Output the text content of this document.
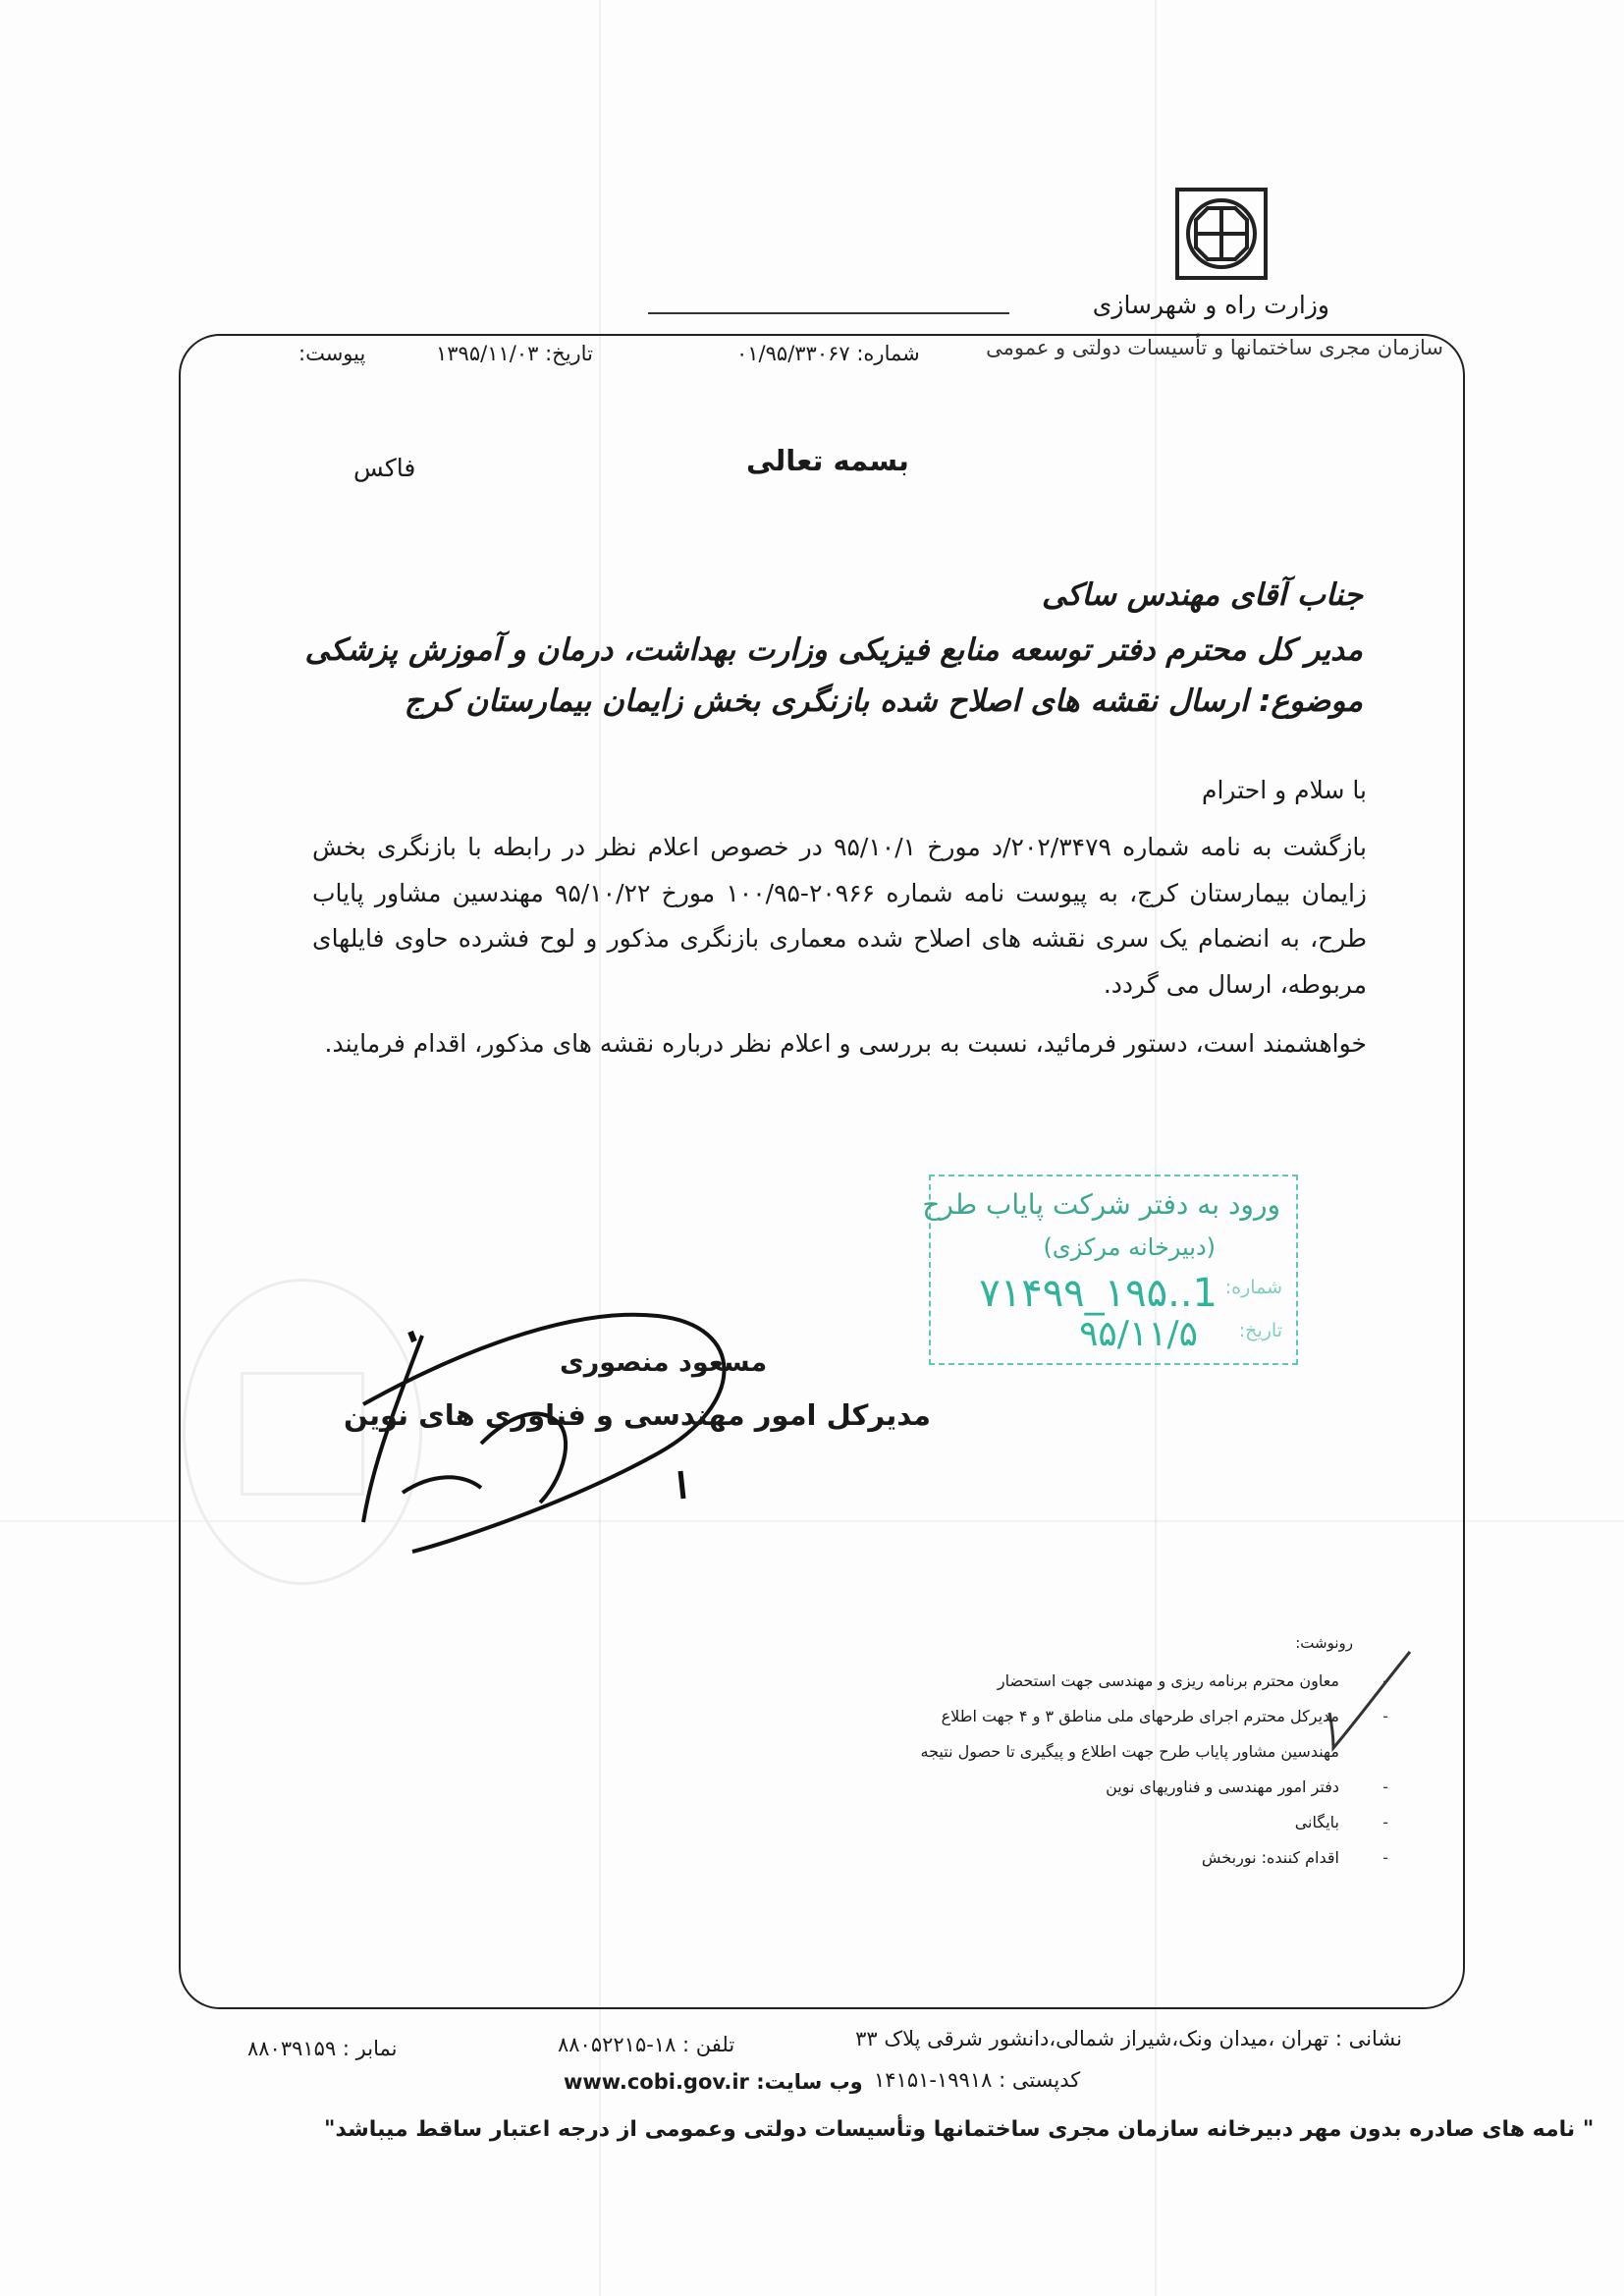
وزارت راه و شهرسازی
سازمان مجری ساختمانها و تأسیسات دولتی و عمومی
شماره: ۰۱/۹۵/۳۳۰۶۷
تاریخ: ۱۳۹۵/۱۱/۰۳
پیوست:
بسمه تعالی
فاکس
جناب آقای مهندس ساکی
مدیر کل محترم دفتر توسعه منابع فیزیکی وزارت بهداشت، درمان و آموزش پزشکی
موضوع: ارسال نقشه های اصلاح شده بازنگری بخش زایمان بیمارستان کرج
با سلام و احترام
بازگشت به نامه شماره ۲۰۲/۳۴۷۹/د مورخ ۹۵/۱۰/۱ در خصوص اعلام نظر در رابطه با بازنگری بخش زایمان بیمارستان کرج، به پیوست نامه شماره ۲۰۹۶۶-۱۰۰/۹۵ مورخ ۹۵/۱۰/۲۲ مهندسین مشاور پایاب طرح، به انضمام یک سری نقشه های اصلاح شده معماری بازنگری مذکور و لوح فشرده حاوی فایلهای مربوطه، ارسال می گردد.
خواهشمند است، دستور فرمائید، نسبت به بررسی و اعلام نظر درباره نقشه های مذکور، اقدام فرمایند.
ورود به دفتر شرکت پایاب طرح
(دبیرخانه مرکزی)
شماره:
1..۱۹۵_۷۱۴۹۹
تاریخ:
۹۵/۱۱/۵
مسعود منصوری
مدیرکل امور مهندسی و فناوری های نوین
رونوشت:
-
معاون محترم برنامه ریزی و مهندسی جهت استحضار
-
مدیرکل محترم اجرای طرحهای ملی مناطق ۳ و ۴ جهت اطلاع
مهندسین مشاور پایاب طرح جهت اطلاع و پیگیری تا حصول نتیجه
-
دفتر امور مهندسی و فناوریهای نوین
-
بایگانی
-
اقدام کننده: نوربخش
نشانی : تهران ،میدان ونک،شیراز شمالی،دانشور شرقی پلاک ۳۳
تلفن : ۱۸-۸۸۰۵۲۲۱۵
نمابر : ۸۸۰۳۹۱۵۹
کدپستی : ۱۹۹۱۸-۱۴۱۵۱
وب سایت: www.cobi.gov.ir
" نامه های صادره بدون مهر دبیرخانه سازمان مجری ساختمانها وتأسیسات دولتی وعمومی از درجه اعتبار ساقط میباشد"
